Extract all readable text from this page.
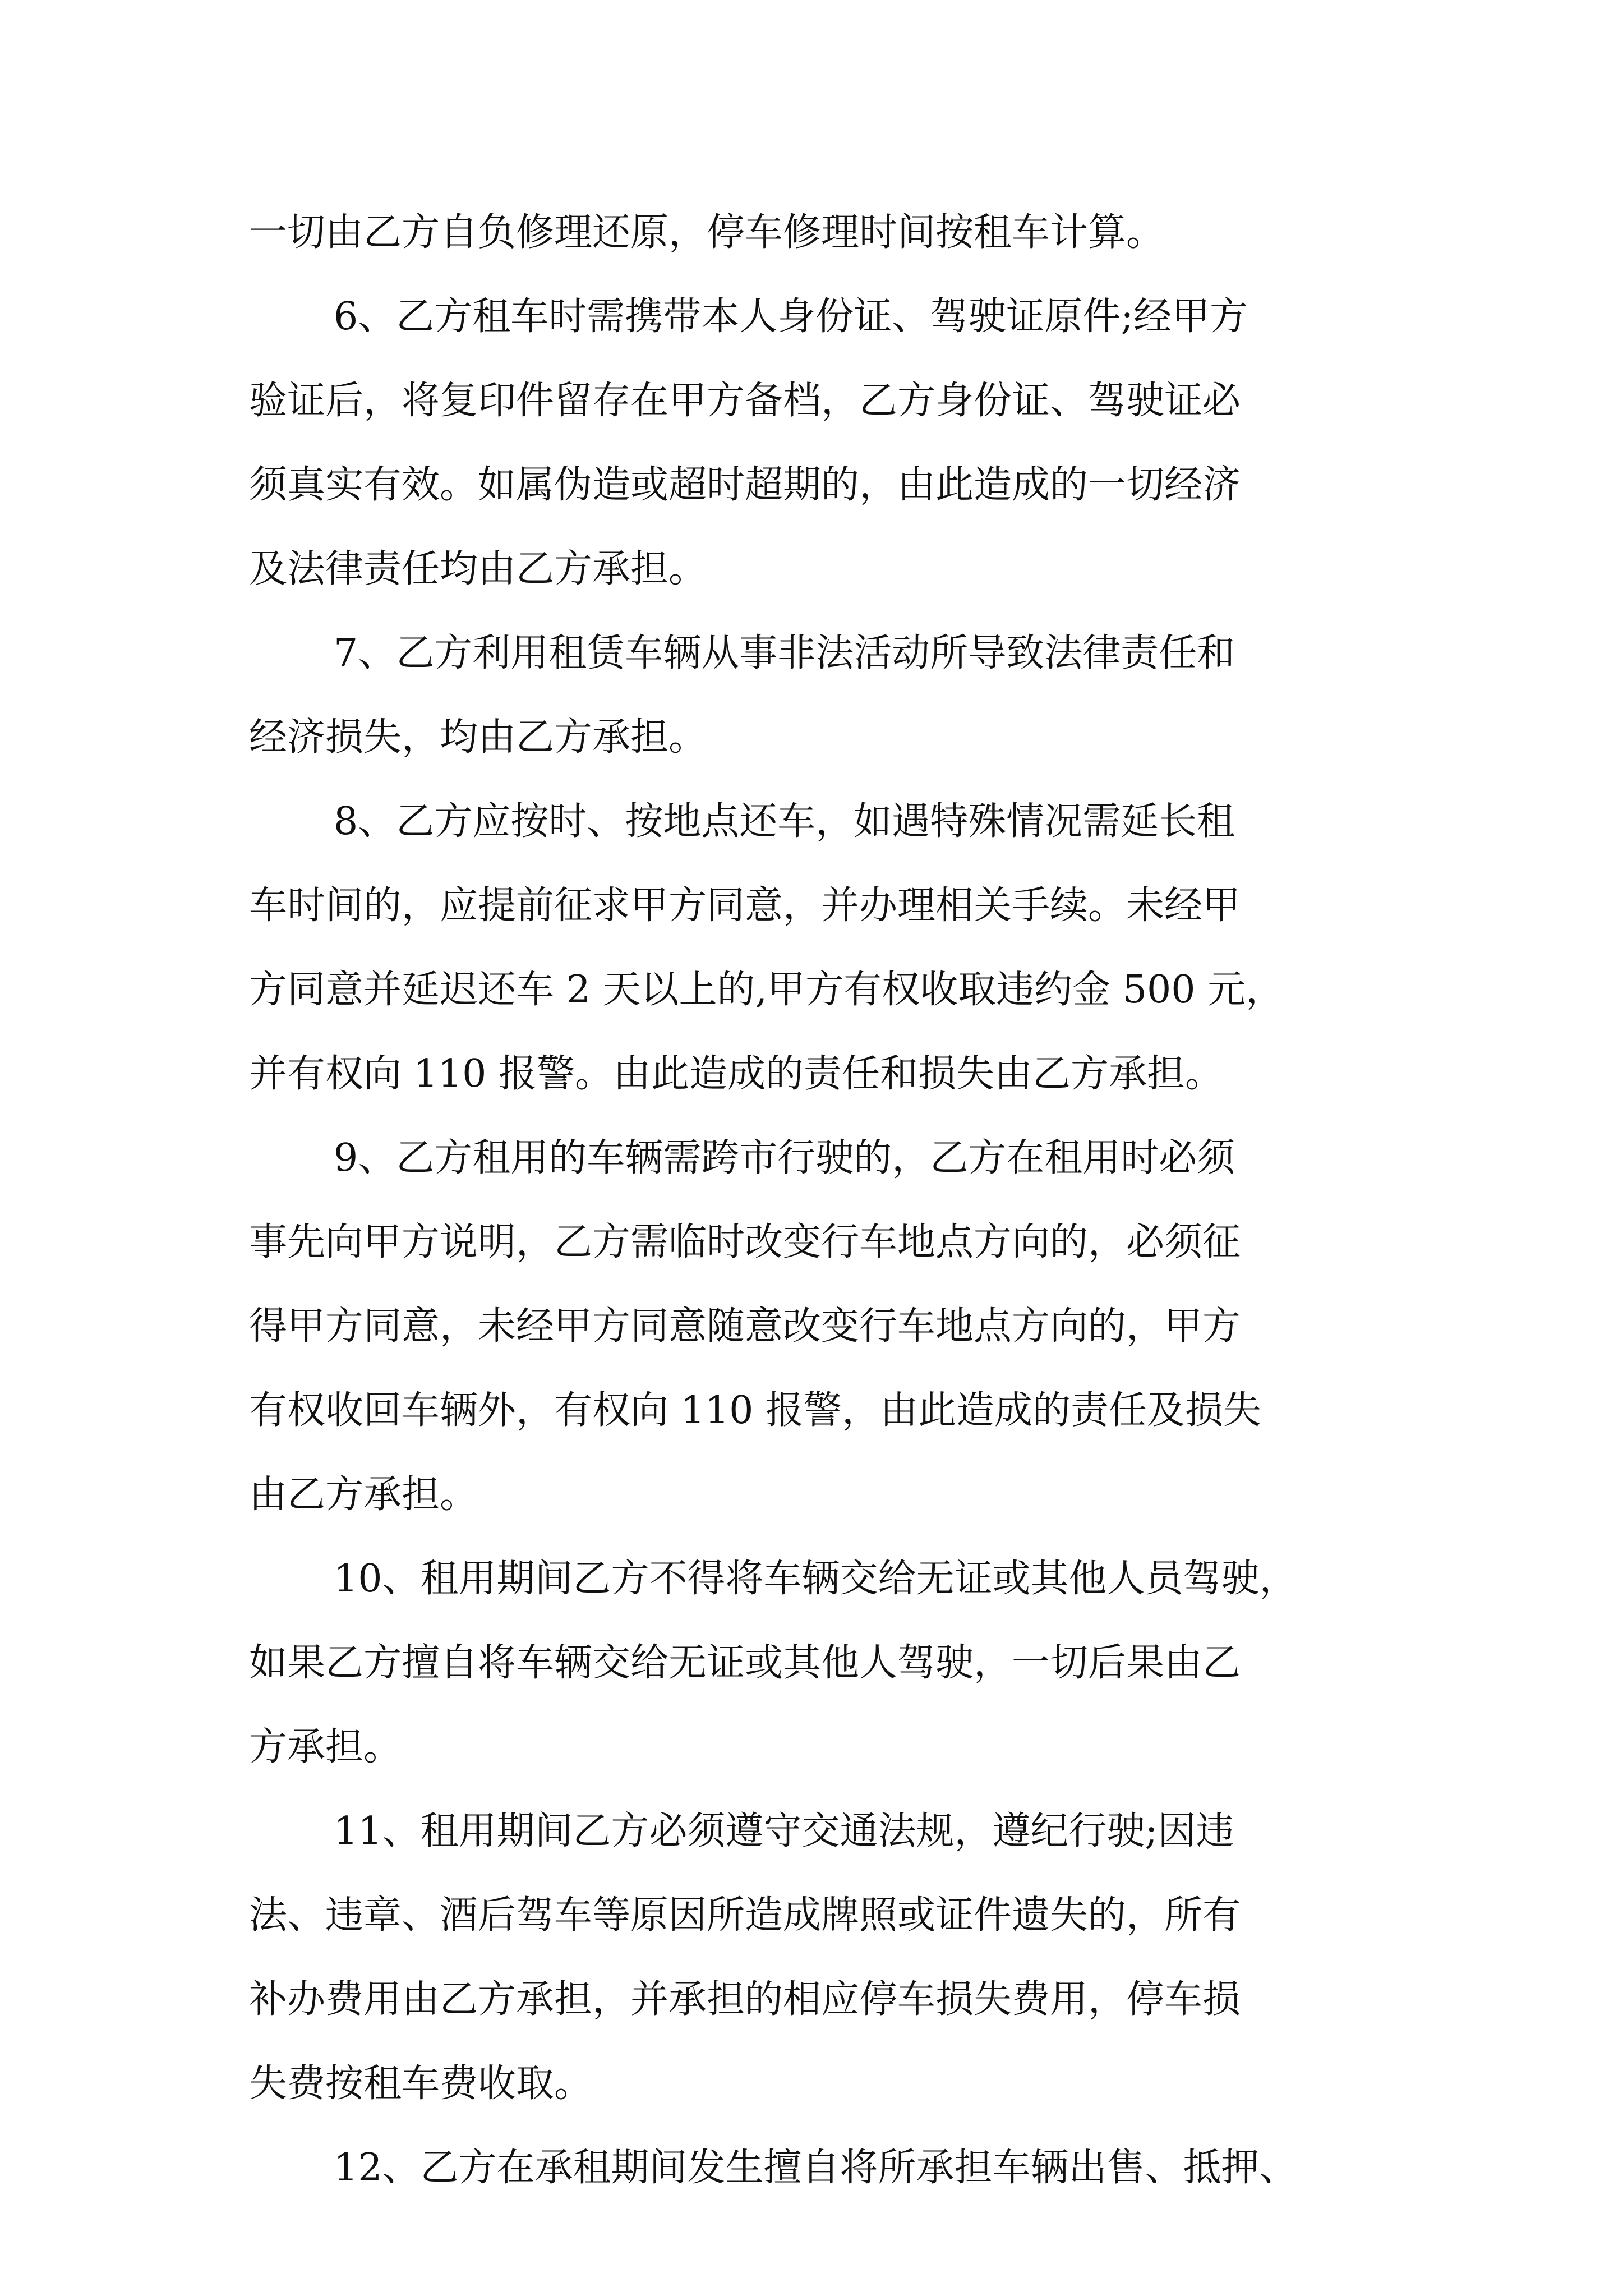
一切由乙方自负修理还原，停车修理时间按租车计算。

6、乙方租车时需携带本人身份证、驾驶证原件;经甲方

验证后，将复印件留存在甲方备档，乙方身份证、驾驶证必

须真实有效。如属伪造或超时超期的，由此造成的一切经济

及法律责任均由乙方承担。

7、乙方利用租赁车辆从事非法活动所导致法律责任和

经济损失，均由乙方承担。

8、乙方应按时、按地点还车，如遇特殊情况需延长租

车时间的，应提前征求甲方同意，并办理相关手续。未经甲

方同意并延迟还车 2 天以上的,甲方有权收取违约金 500 元，

并有权向 110 报警。由此造成的责任和损失由乙方承担。

9、乙方租用的车辆需跨市行驶的，乙方在租用时必须

事先向甲方说明，乙方需临时改变行车地点方向的，必须征

得甲方同意，未经甲方同意随意改变行车地点方向的，甲方

有权收回车辆外，有权向 110 报警，由此造成的责任及损失

由乙方承担。

10、租用期间乙方不得将车辆交给无证或其他人员驾驶，

如果乙方擅自将车辆交给无证或其他人驾驶，一切后果由乙

方承担。

11、租用期间乙方必须遵守交通法规，遵纪行驶;因违

法、违章、酒后驾车等原因所造成牌照或证件遗失的，所有

补办费用由乙方承担，并承担的相应停车损失费用，停车损

失费按租车费收取。

12、乙方在承租期间发生擅自将所承担车辆出售、抵押、
